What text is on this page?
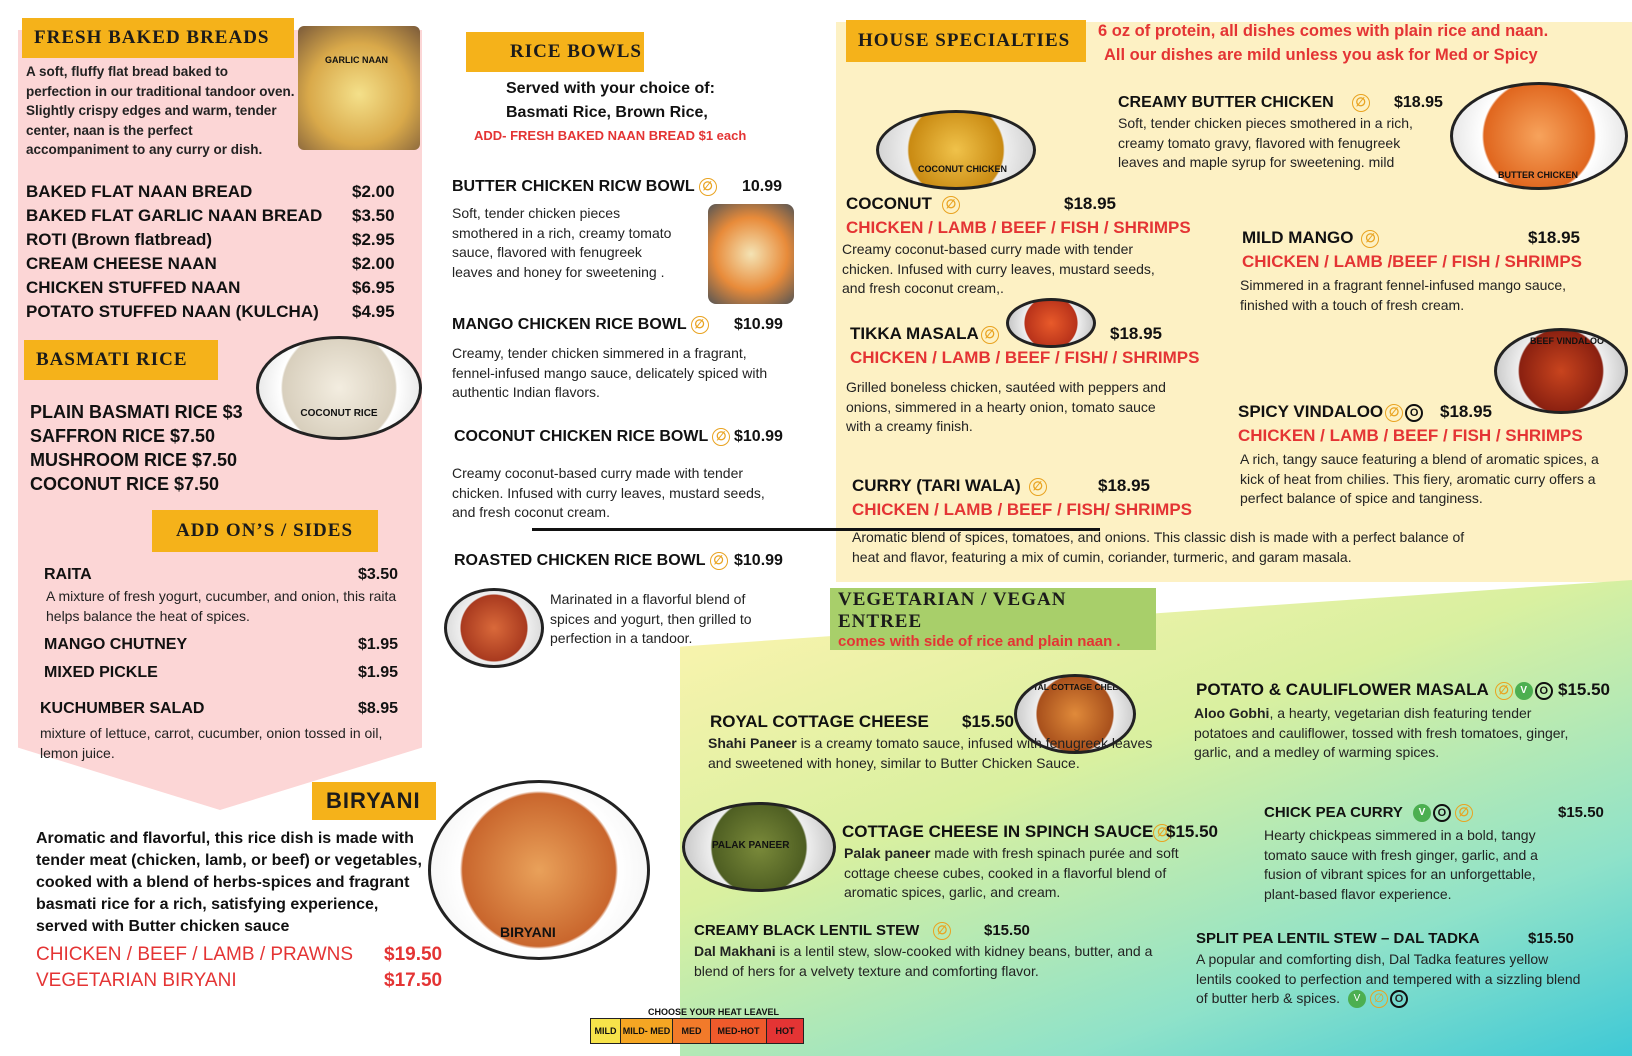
FRESH BAKED BREADS
A soft, fluffy flat bread baked to perfection in our traditional tandoor oven. Slightly crispy edges and warm, tender center, naan is the perfect accompaniment to any curry or dish.
GARLIC NAAN
BAKED FLAT NAAN BREAD	$2.00
BAKED FLAT GARLIC NAAN BREAD $3.50
ROTI (Brown flatbread)	$2.95
CREAM CHEESE NAAN	$2.00
CHICKEN STUFFED NAAN	$6.95
POTATO STUFFED NAAN (KULCHA) $4.95
BASMATI RICE
COCONUT RICE
PLAIN BASMATI RICE $3
SAFFRON RICE $7.50
MUSHROOM RICE $7.50
COCONUT RICE $7.50
ADD ON’S / SIDES
RAITA	$3.50
A mixture of fresh yogurt, cucumber, and onion, this raita helps balance the heat of spices.
MANGO CHUTNEY	$1.95
MIXED PICKLE	$1.95
KUCHUMBER SALAD	$8.95
mixture of lettuce, carrot, cucumber, onion tossed in oil, lemon juice.
BIRYANI
Aromatic and flavorful, this rice dish is made with tender meat (chicken, lamb, or beef) or vegetables, cooked with a blend of herbs-spices and fragrant basmati rice for a rich, satisfying experience, served with Butter chicken sauce
CHICKEN / BEEF / LAMB / PRAWNS $19.50
VEGETARIAN BIRYANI	$17.50
BIRYANI
RICE BOWLS
Served with your choice of:
Basmati Rice, Brown Rice,
ADD- FRESH BAKED NAAN BREAD $1 each
BUTTER CHICKEN RICW BOWL ∅ 10.99
Soft, tender chicken pieces smothered in a rich, creamy tomato sauce, flavored with fenugreek leaves and honey for sweetening .
MANGO CHICKEN RICE BOWL ∅ $10.99
Creamy, tender chicken simmered in a fragrant, fennel-infused mango sauce, delicately spiced with authentic Indian flavors.
COCONUT CHICKEN RICE BOWL ∅ $10.99
Creamy coconut-based curry made with tender chicken. Infused with curry leaves, mustard seeds, and fresh coconut cream.
ROASTED CHICKEN RICE BOWL ∅ $10.99
Marinated in a flavorful blend of spices and yogurt, then grilled to perfection in a tandoor.
CHOOSE YOUR HEAT LEAVEL
MILD MILD- MED	MED	MED-HOT	HOT
HOUSE SPECIALTIES	6 oz of protein, all dishes comes with plain rice and naan.
All our dishes are mild unless you ask for Med or Spicy
CREAMY BUTTER CHICKEN ∅ $18.95
Soft, tender chicken pieces smothered in a rich, creamy tomato gravy, flavored with fenugreek leaves and maple syrup for sweetening. mild
BUTTER CHICKEN
COCONUT CHICKEN
COCONUT ∅	$18.95
CHICKEN / LAMB / BEEF / FISH / SHRIMPS
Creamy coconut-based curry made with tender chicken. Infused with curry leaves, mustard seeds, and fresh coconut cream,.
MILD MANGO ∅	$18.95
CHICKEN / LAMB /BEEF / FISH / SHRIMPS
Simmered in a fragrant fennel-infused mango sauce, finished with a touch of fresh cream.
TIKKA MASALA ∅	$18.95
CHICKEN / LAMB / BEEF / FISH/ / SHRIMPS
Grilled boneless chicken, sautéed with peppers and onions, simmered in a hearty onion, tomato sauce with a creamy finish.
BEEF VINDALOO
SPICY VINDALOO ∅ O $18.95
CHICKEN / LAMB / BEEF / FISH / SHRIMPS
A rich, tangy sauce featuring a blend of aromatic spices, a kick of heat from chilies. This fiery, aromatic curry offers a perfect balance of spice and tanginess.
CURRY (TARI WALA) ∅	$18.95
CHICKEN / LAMB / BEEF / FISH/ SHRIMPS
Aromatic blend of spices, tomatoes, and onions. This classic dish is made with a perfect balance of heat and flavor, featuring a mix of cumin, coriander, turmeric, and garam masala.
VEGETARIAN / VEGAN ENTREE
comes with side of rice and plain naan .
ROYAL COTTAGE CHEESE
ROYAL COTTAGE CHEESE $15.50
Shahi Paneer is a creamy tomato sauce, infused with fenugreek leaves and sweetened with honey, similar to Butter Chicken Sauce.
POTATO & CAULIFLOWER MASALA ∅ V O $15.50
Aloo Gobhi, a hearty, vegetarian dish featuring tender potatoes and cauliflower, tossed with fresh tomatoes, ginger, garlic, and a medley of warming spices.
PALAK PANEER
COTTAGE CHEESE IN SPINCH SAUCE ∅
$15.50
Palak paneer made with fresh spinach purée and soft cottage cheese cubes, cooked in a flavorful blend of aromatic spices, garlic, and cream.
CHICK PEA CURRY V O ∅	$15.50
Hearty chickpeas simmered in a bold, tangy tomato sauce with fresh ginger, garlic, and a fusion of vibrant spices for an unforgettable, plant-based flavor experience.
CREAMY BLACK LENTIL STEW ∅ $15.50
Dal Makhani is a lentil stew, slow-cooked with kidney beans, butter, and a blend of hers for a velvety texture and comforting flavor.
SPLIT PEA LENTIL STEW – DAL TADKA	$15.50
A popular and comforting dish, Dal Tadka features yellow lentils cooked to perfection and tempered with a sizzling blend of butter herb & spices. V ∅ O
